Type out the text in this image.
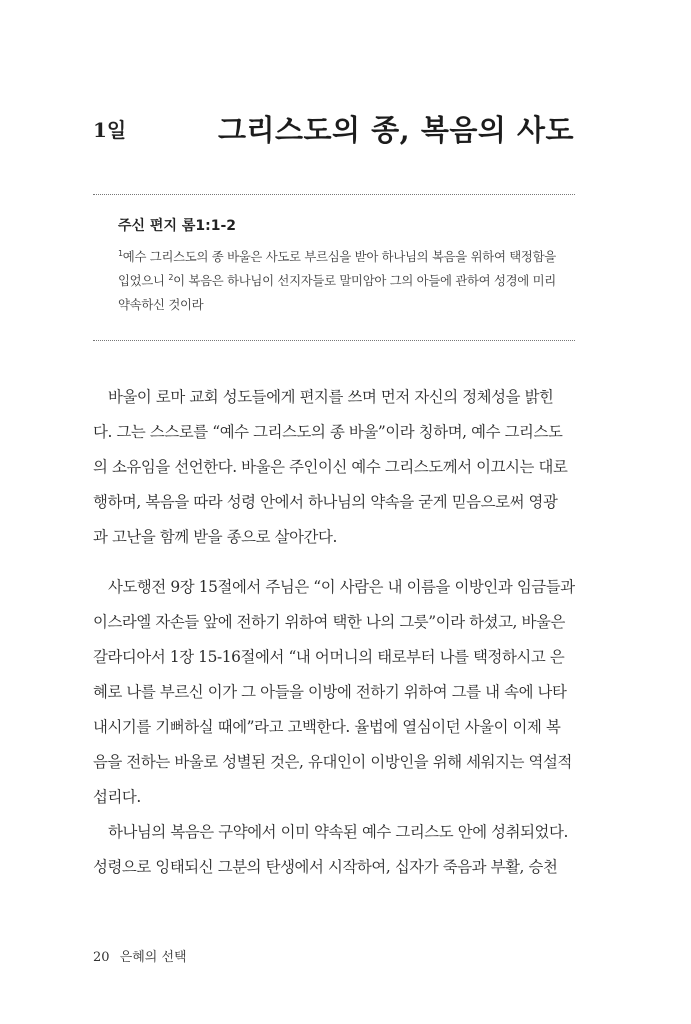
1일	그리스도의 종, 복음의 사도
주신 편지 롬1:1-2
$^1$예수 그리스도의 종 바울은 사도로 부르심을 받아 하나님의 복음을 위하여 택정함을
입었으니 $^2$이 복음은 하나님이 선지자들로 말미암아 그의 아들에 관하여 성경에 미리
약속하신 것이라
바울이 로마 교회 성도들에게 편지를 쓰며 먼저 자신의 정체성을 밝힌
다. 그는 스스로를 “예수 그리스도의 종 바울”이라 칭하며, 예수 그리스도
의 소유임을 선언한다. 바울은 주인이신 예수 그리스도께서 이끄시는 대로
행하며, 복음을 따라 성령 안에서 하나님의 약속을 굳게 믿음으로써 영광
과 고난을 함께 받을 종으로 살아간다.
사도행전 9장 15절에서 주님은 “이 사람은 내 이름을 이방인과 임금들과
이스라엘 자손들 앞에 전하기 위하여 택한 나의 그릇”이라 하셨고, 바울은
갈라디아서 1장 15-16절에서 “내 어머니의 태로부터 나를 택정하시고 은
혜로 나를 부르신 이가 그 아들을 이방에 전하기 위하여 그를 내 속에 나타
내시기를 기뻐하실 때에”라고 고백한다. 율법에 열심이던 사울이 이제 복
음을 전하는 바울로 성별된 것은, 유대인이 이방인을 위해 세워지는 역설적
섭리다.
하나님의 복음은 구약에서 이미 약속된 예수 그리스도 안에 성취되었다.
성령으로 잉태되신 그분의 탄생에서 시작하여, 십자가 죽음과 부활, 승천
20 은혜의 선택
